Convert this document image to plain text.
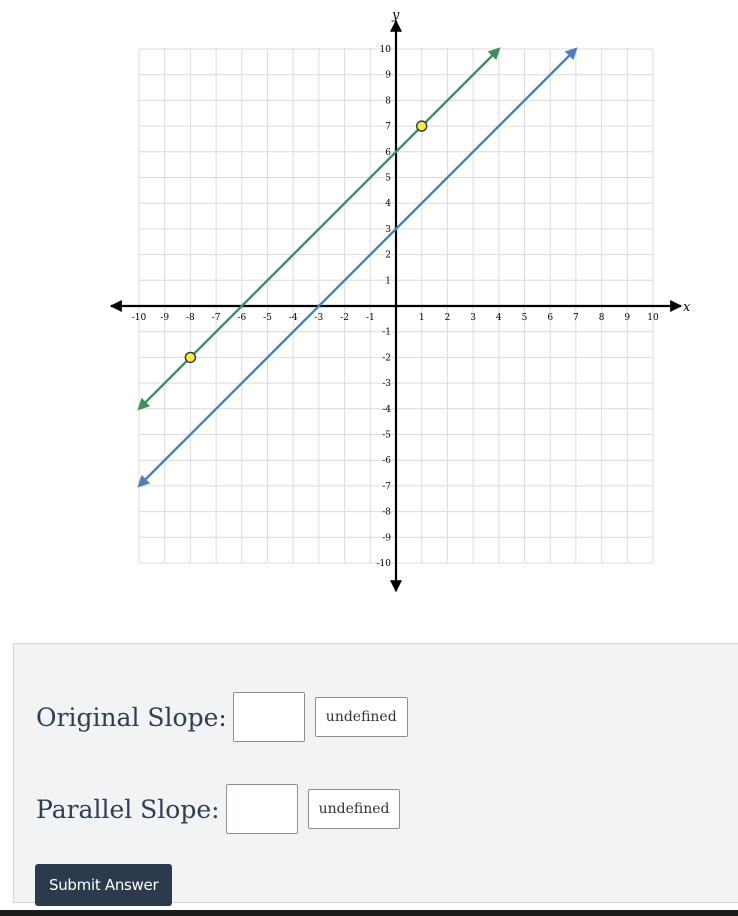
x
y
-10 -9 -8 -7 -6 -5 -4 -3 -2 -1	1 2 3 4 5 6 7 8 9 10
-10
-9
-8
-7
-6
-5
-4
-3
-2
-1
1
2
3
4
5
6
7
8
9
10
Original Slope:	undefined
Parallel Slope:	undefined
Submit Answer
